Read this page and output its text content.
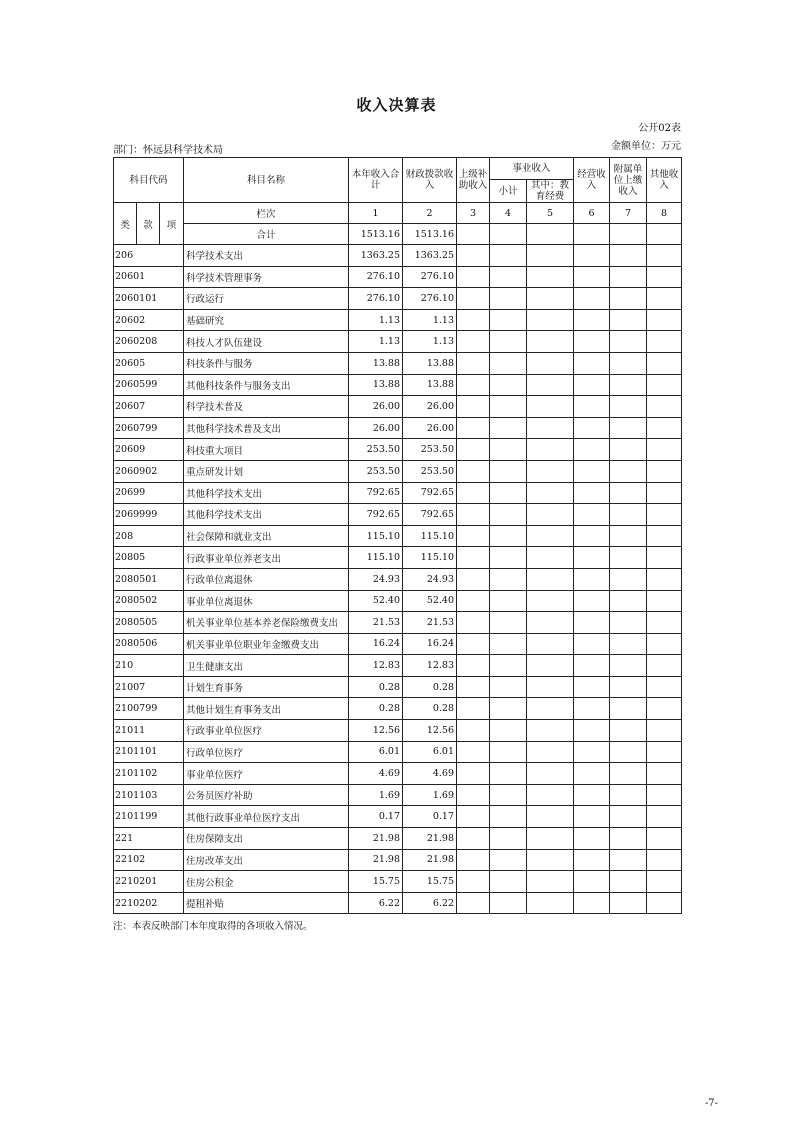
收入决算表
公开02表
部门：怀远县科学技术局	金额单位：万元
科目代码			科目名称	本年收入合计	财政拨款收入	上级补助收入	事业收入		经营收入	附属单位上缴收入	其他收入
							小计	其中：教育经费			
类	款	项	栏次	1	2	3	4	5	6	7	8
			合计	1513.16	1513.16						
206			科学技术支出	1363.25	1363.25						
20601			科学技术管理事务	276.10	276.10						
2060101			行政运行	276.10	276.10						
20602			基础研究	1.13	1.13						
2060208			科技人才队伍建设	1.13	1.13						
20605			科技条件与服务	13.88	13.88						
2060599			其他科技条件与服务支出	13.88	13.88						
20607			科学技术普及	26.00	26.00						
2060799			其他科学技术普及支出	26.00	26.00						
20609			科技重大项目	253.50	253.50						
2060902			重点研发计划	253.50	253.50						
20699			其他科学技术支出	792.65	792.65						
2069999			其他科学技术支出	792.65	792.65						
208			社会保障和就业支出	115.10	115.10						
20805			行政事业单位养老支出	115.10	115.10						
2080501			行政单位离退休	24.93	24.93						
2080502			事业单位离退休	52.40	52.40						
2080505			机关事业单位基本养老保险缴费支出	21.53	21.53						
2080506			机关事业单位职业年金缴费支出	16.24	16.24						
210			卫生健康支出	12.83	12.83						
21007			计划生育事务	0.28	0.28						
2100799			其他计划生育事务支出	0.28	0.28						
21011			行政事业单位医疗	12.56	12.56						
2101101			行政单位医疗	6.01	6.01						
2101102			事业单位医疗	4.69	4.69						
2101103			公务员医疗补助	1.69	1.69						
2101199			其他行政事业单位医疗支出	0.17	0.17						
221			住房保障支出	21.98	21.98						
22102			住房改革支出	21.98	21.98						
2210201			住房公积金	15.75	15.75						
2210202			提租补贴	6.22	6.22						
注：本表反映部门本年度取得的各项收入情况。
-7-
